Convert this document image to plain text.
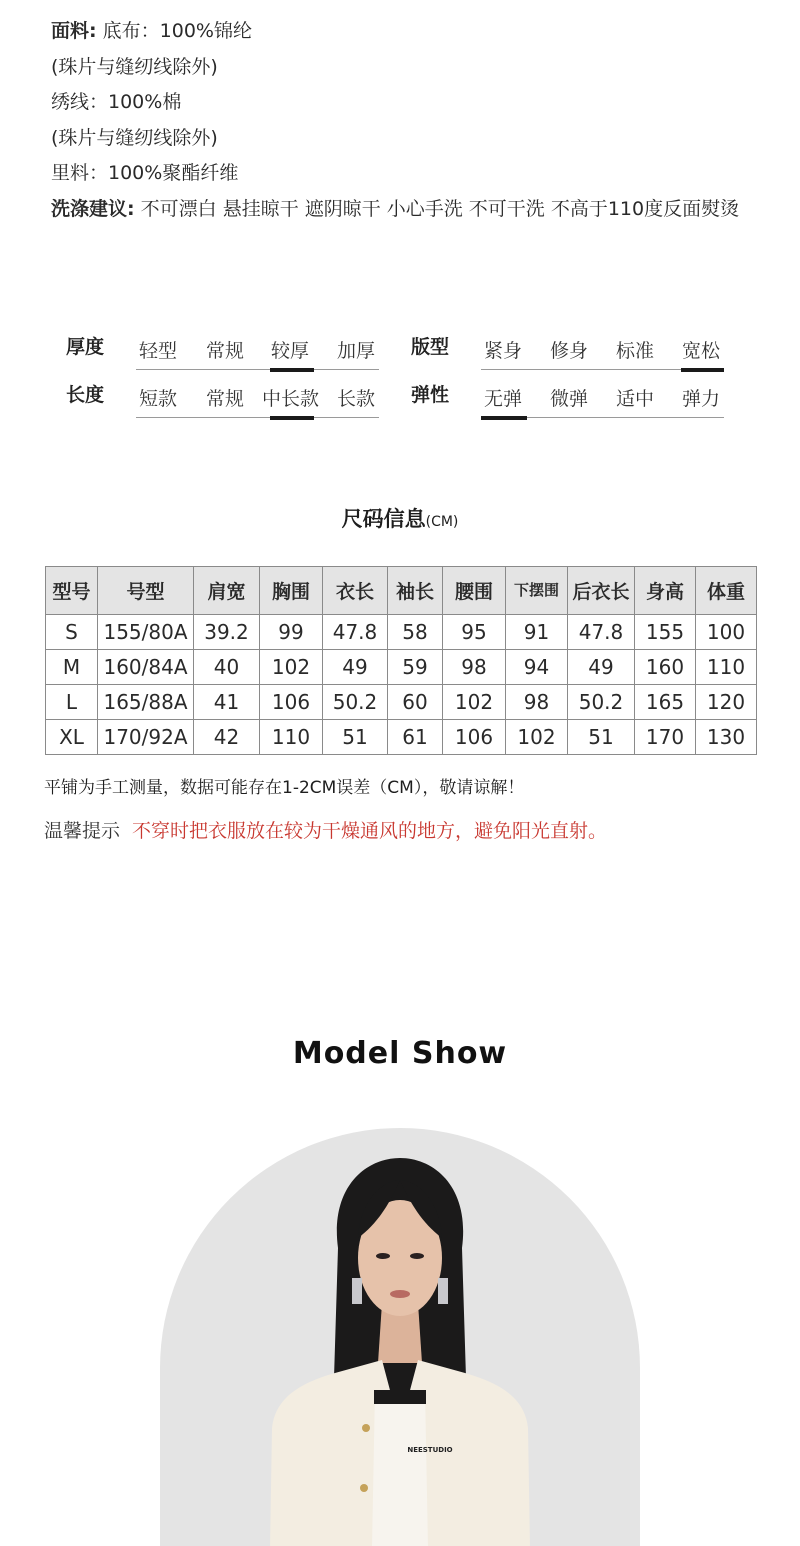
面料: 底布：100%锦纶
(珠片与缝纫线除外)
绣线：100%棉
(珠片与缝纫线除外)
里料：100%聚酯纤维
洗涤建议: 不可漂白 悬挂晾干 遮阴晾干 小心手洗 不可干洗 不高于110度反面熨烫
厚度 轻型 常规 较厚 加厚 版型 紧身 修身 标准 宽松
长度 短款 常规 中长款 长款 弹性 无弹 微弹 适中 弹力
尺码信息(CM)
型号	号型	肩宽	胸围	衣长	袖长	腰围	下摆围	后衣长	身高	体重
S	155/80A	39.2	99	47.8	58	95	91	47.8	155	100
M	160/84A	40	102	49	59	98	94	49	160	110
L	165/88A	41	106	50.2	60	102	98	50.2	165	120
XL	170/92A	42	110	51	61	106	102	51	170	130
平铺为手工测量，数据可能存在1-2CM误差（CM），敬请谅解！
温馨提示 不穿时把衣服放在较为干燥通风的地方，避免阳光直射。
Model Show
NEESTUDIO
